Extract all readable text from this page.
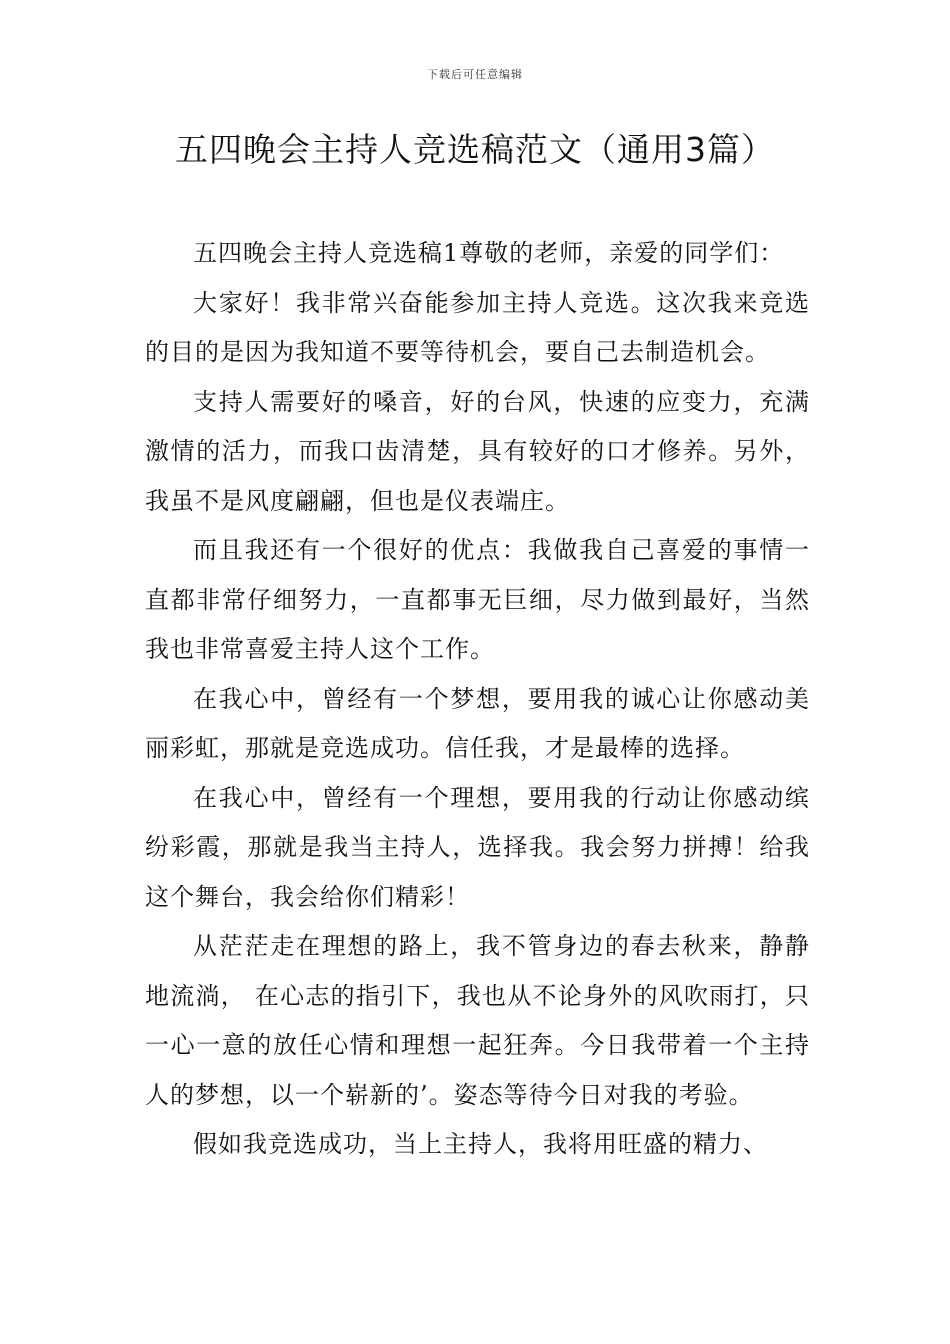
下载后可任意编辑
五四晚会主持人竞选稿范文（通用3篇）

五四晚会主持人竞选稿1尊敬的老师，亲爱的同学们：

大家好！我非常兴奋能参加主持人竞选。这次我来竞选的目的是因为我知道不要等待机会，要自己去制造机会。

支持人需要好的嗓音，好的台风，快速的应变力，充满激情的活力，而我口齿清楚，具有较好的口才修养。另外，我虽不是风度翩翩，但也是仪表端庄。

而且我还有一个很好的优点：我做我自己喜爱的事情一直都非常仔细努力，一直都事无巨细，尽力做到最好，当然我也非常喜爱主持人这个工作。

在我心中，曾经有一个梦想，要用我的诚心让你感动美丽彩虹，那就是竞选成功。信任我，才是最棒的选择。

在我心中，曾经有一个理想，要用我的行动让你感动缤纷彩霞，那就是我当主持人，选择我。我会努力拼搏！给我这个舞台，我会给你们精彩！

从茫茫走在理想的路上，我不管身边的春去秋来，静静地流淌， 在心志的指引下，我也从不论身外的风吹雨打，只一心一意的放任心情和理想一起狂奔。今日我带着一个主持人的梦想，以一个崭新的’。姿态等待今日对我的考验。

假如我竞选成功，当上主持人，我将用旺盛的精力、
